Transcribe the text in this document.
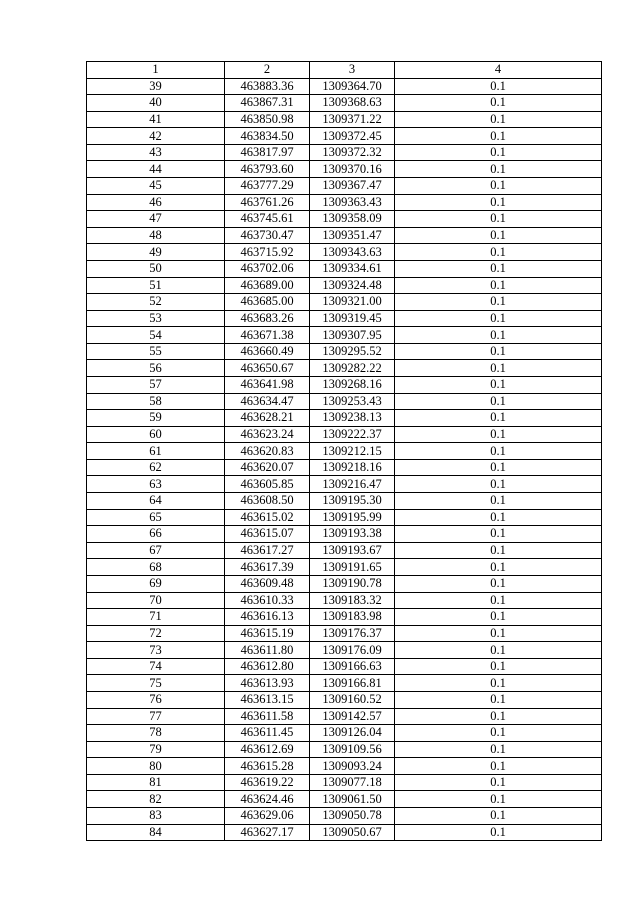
1	2	3	4
39	463883.36	1309364.70	0.1
40	463867.31	1309368.63	0.1
41	463850.98	1309371.22	0.1
42	463834.50	1309372.45	0.1
43	463817.97	1309372.32	0.1
44	463793.60	1309370.16	0.1
45	463777.29	1309367.47	0.1
46	463761.26	1309363.43	0.1
47	463745.61	1309358.09	0.1
48	463730.47	1309351.47	0.1
49	463715.92	1309343.63	0.1
50	463702.06	1309334.61	0.1
51	463689.00	1309324.48	0.1
52	463685.00	1309321.00	0.1
53	463683.26	1309319.45	0.1
54	463671.38	1309307.95	0.1
55	463660.49	1309295.52	0.1
56	463650.67	1309282.22	0.1
57	463641.98	1309268.16	0.1
58	463634.47	1309253.43	0.1
59	463628.21	1309238.13	0.1
60	463623.24	1309222.37	0.1
61	463620.83	1309212.15	0.1
62	463620.07	1309218.16	0.1
63	463605.85	1309216.47	0.1
64	463608.50	1309195.30	0.1
65	463615.02	1309195.99	0.1
66	463615.07	1309193.38	0.1
67	463617.27	1309193.67	0.1
68	463617.39	1309191.65	0.1
69	463609.48	1309190.78	0.1
70	463610.33	1309183.32	0.1
71	463616.13	1309183.98	0.1
72	463615.19	1309176.37	0.1
73	463611.80	1309176.09	0.1
74	463612.80	1309166.63	0.1
75	463613.93	1309166.81	0.1
76	463613.15	1309160.52	0.1
77	463611.58	1309142.57	0.1
78	463611.45	1309126.04	0.1
79	463612.69	1309109.56	0.1
80	463615.28	1309093.24	0.1
81	463619.22	1309077.18	0.1
82	463624.46	1309061.50	0.1
83	463629.06	1309050.78	0.1
84	463627.17	1309050.67	0.1
